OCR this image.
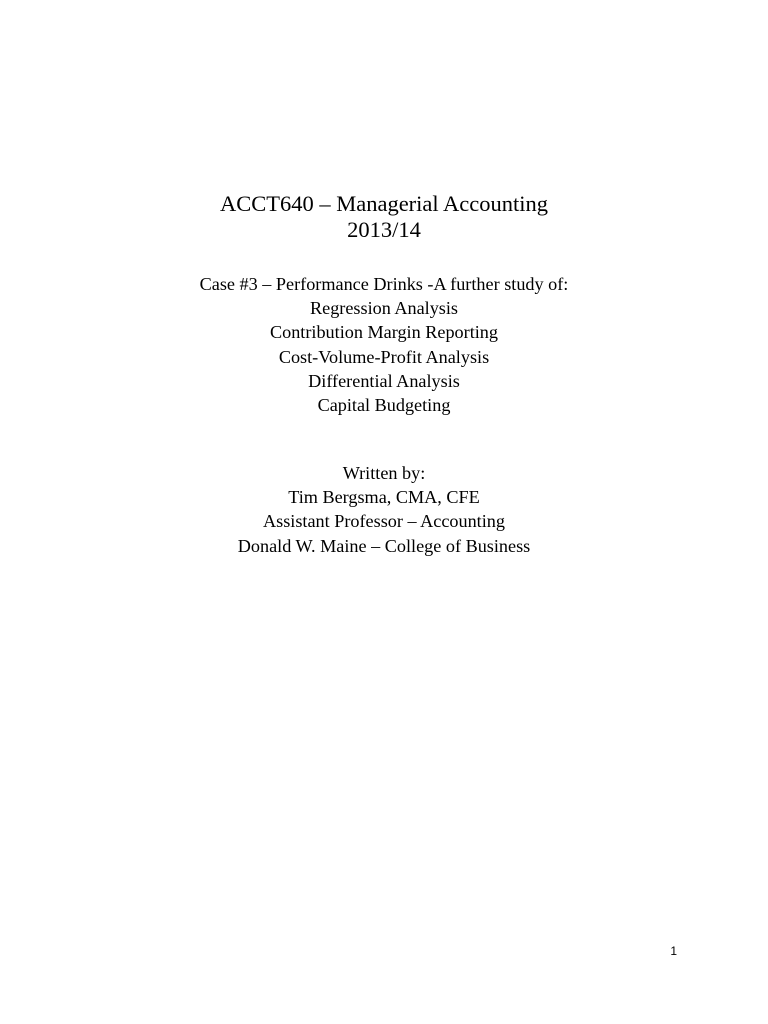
ACCT640 – Managerial Accounting
2013/14
Case #3 – Performance Drinks -A further study of:
Regression Analysis
Contribution Margin Reporting
Cost-Volume-Profit Analysis
Differential Analysis
Capital Budgeting
Written by:
Tim Bergsma, CMA, CFE
Assistant Professor – Accounting
Donald W. Maine – College of Business
1
